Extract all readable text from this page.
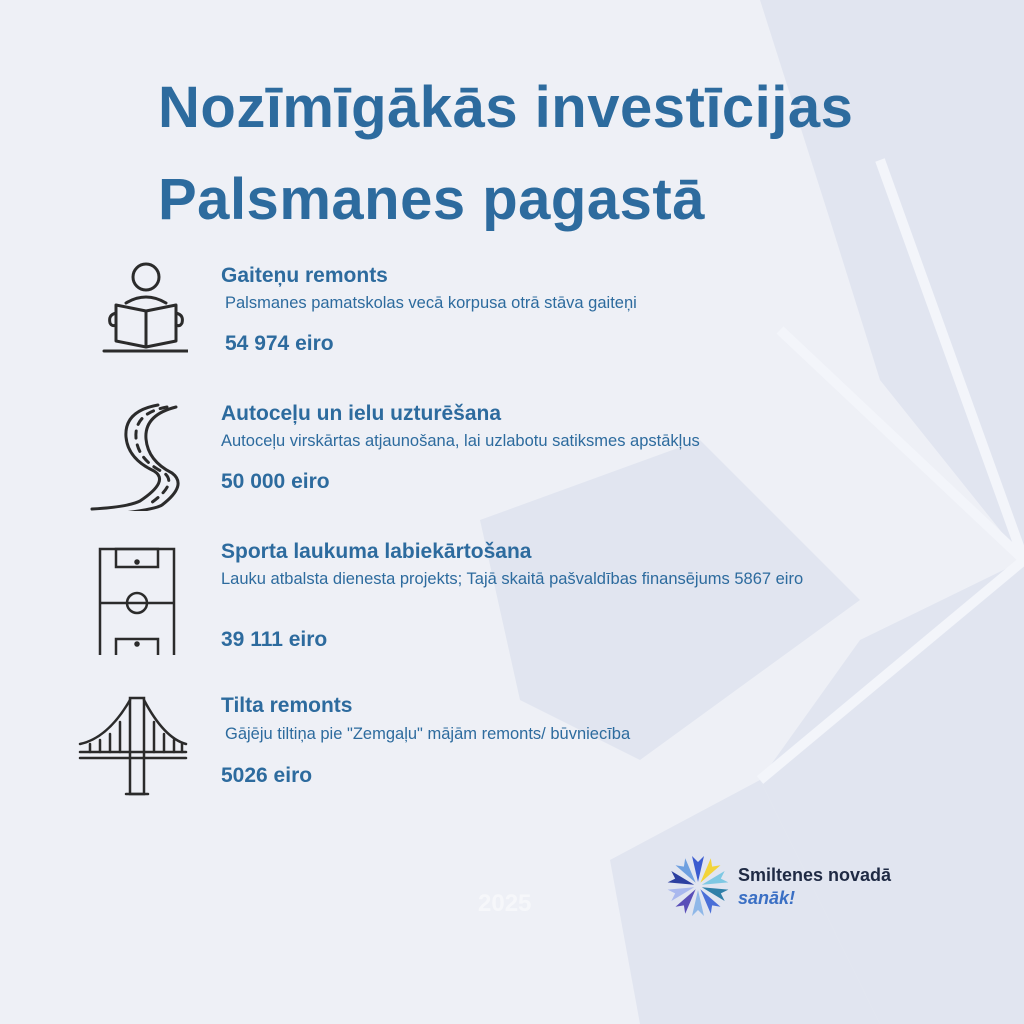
Nozīmīgākās investīcijas
Palsmanes pagastā
Gaiteņu remonts
Palsmanes pamatskolas vecā korpusa otrā stāva gaiteņi
54 974 eiro
Autoceļu un ielu uzturēšana
Autoceļu virskārtas atjaunošana, lai uzlabotu satiksmes apstākļus
50 000 eiro
Sporta laukuma labiekārtošana
Lauku atbalsta dienesta projekts; Tajā skaitā pašvaldības finansējums 5867 eiro
39 111 eiro
Tilta remonts
Gājēju tiltiņa pie "Zemgaļu" mājām remonts/ būvniecība
5026 eiro
2025
Smiltenes novadā
sanāk!
